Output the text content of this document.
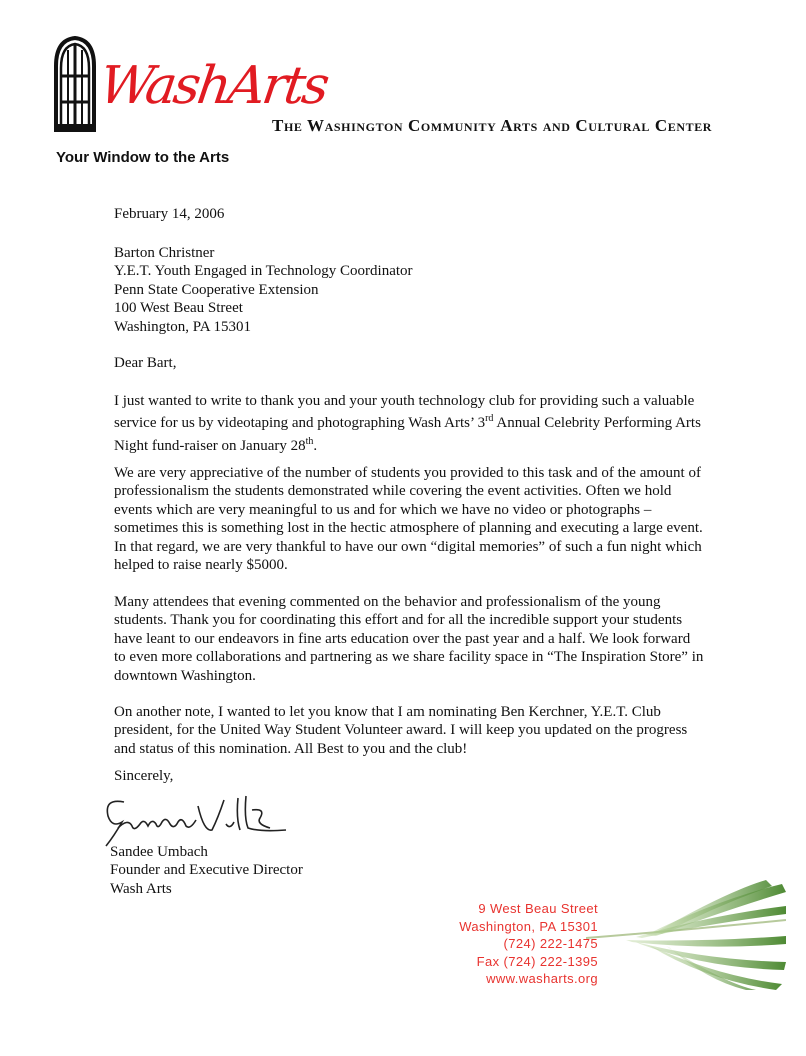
WashArts
Your Window to the Arts
The Washington Community Arts and Cultural Center
February 14, 2006
Barton Christner
Y.E.T. Youth Engaged in Technology Coordinator
Penn State Cooperative Extension
100 West Beau Street
Washington, PA 15301
Dear Bart,

I just wanted to write to thank you and your youth technology club for providing such a valuable service for us by videotaping and photographing Wash Arts’ 3rd Annual Celebrity Performing Arts Night fund-raiser on January 28th.

We are very appreciative of the number of students you provided to this task and of the amount of professionalism the students demonstrated while covering the event activities. Often we hold events which are very meaningful to us and for which we have no video or photographs – sometimes this is something lost in the hectic atmosphere of planning and executing a large event. In that regard, we are very thankful to have our own “digital memories” of such a fun night which helped to raise nearly $5000.

Many attendees that evening commented on the behavior and professionalism of the young students. Thank you for coordinating this effort and for all the incredible support your students have leant to our endeavors in fine arts education over the past year and a half. We look forward to even more collaborations and partnering as we share facility space in “The Inspiration Store” in downtown Washington.

On another note, I wanted to let you know that I am nominating Ben Kerchner, Y.E.T. Club president, for the United Way Student Volunteer award. I will keep you updated on the progress and status of this nomination. All Best to you and the club!

Sincerely,
Sandee Umbach
Founder and Executive Director
Wash Arts
9 West Beau Street
Washington, PA 15301
(724) 222-1475
Fax (724) 222-1395
www.washarts.org
